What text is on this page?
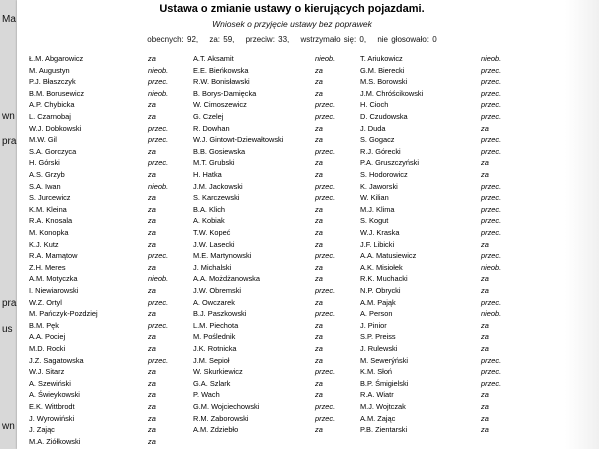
Ma
wn
pra
pra
us
wn
Ustawa o zmianie ustawy o kierujących pojazdami.
Wniosek o przyjęcie ustawy bez poprawek
obecnych: 92, za: 59, przeciw: 33, wstrzymało się: 0, nie głosowało: 0
Ł.M. Abgarowicz	za	A.T. Aksamit	nieob.	T. Ariukowicz	nieob.
M. Augustyn	nieob.	E.E. Bieńkowska	za	G.M. Bierecki	przec.
P.J. Błaszczyk	przec.	R.W. Bonisławski	za	M.S. Borowski	przec.
B.M. Borusewicz	nieob.	B. Borys-Damięcka	za	J.M. Chróścikowski	przec.
A.P. Chybicka	za	W. Cimoszewicz	przec.	H. Cioch	przec.
L. Czarnobaj	za	G. Czelej	przec.	D. Czudowska	przec.
W.J. Dobkowski	przec.	R. Dowhan	za	J. Duda	za
M.W. Gil	przec.	W.J. Gintowt-Dziewałtowski	za	S. Gogacz	przec.
S.A. Gorczyca	za	B.B. Gosiewska	przec.	R.J. Górecki	przec.
H. Górski	przec.	M.T. Grubski	za	P.A. Gruszczyński	za
A.S. Grzyb	za	H. Hatka	za	S. Hodorowicz	za
S.A. Iwan	nieob.	J.M. Jackowski	przec.	K. Jaworski	przec.
S. Jurcewicz	za	S. Karczewski	przec.	W. Kilian	przec.
K.M. Kleina	za	B.A. Klich	za	M.J. Klima	przec.
R.A. Knosala	za	A. Kobiak	za	S. Kogut	przec.
M. Konopka	za	T.W. Kopeć	za	W.J. Kraska	przec.
K.J. Kutz	za	J.W. Lasecki	za	J.F. Libicki	za
R.A. Mamątow	przec.	M.E. Martynowski	przec.	A.A. Matusiewicz	przec.
Z.H. Meres	za	J. Michalski	za	A.K. Misiołek	nieob.
A.M. Motyczka	nieob.	A.A. Możdżanowska	za	R.K. Muchacki	za
I. Niewiarowski	za	J.W. Obremski	przec.	N.P. Obrycki	za
W.Z. Ortyl	przec.	A. Owczarek	za	A.M. Pająk	przec.
M. Pańczyk-Pozdziej	za	B.J. Paszkowski	przec.	A. Person	nieob.
B.M. Pęk	przec.	L.M. Piechota	za	J. Pinior	za
A.A. Pociej	za	M. Poślednik	za	S.P. Preiss	za
M.D. Rocki	za	J.K. Rotnicka	za	J. Rulewski	za
J.Z. Sagatowska	przec.	J.M. Sepioł	za	M. Sewerýński	przec.
W.J. Sitarz	za	W. Skurkiewicz	przec.	K.M. Słoń	przec.
A. Szewiński	za	G.A. Szlark	za	B.P. Śmigielski	przec.
A. Świeykowski	za	P. Wach	za	R.A. Wiatr	za
E.K. Wittbrodt	za	G.M. Wojciechowski	przec.	M.J. Wojtczak	za
J. Wyrowiński	za	R.M. Zaborowski	przec.	A.M. Zając	za
J. Zając	za	A.M. Zdziebło	za	P.B. Zientarski	za
M.A. Ziółkowski	za
